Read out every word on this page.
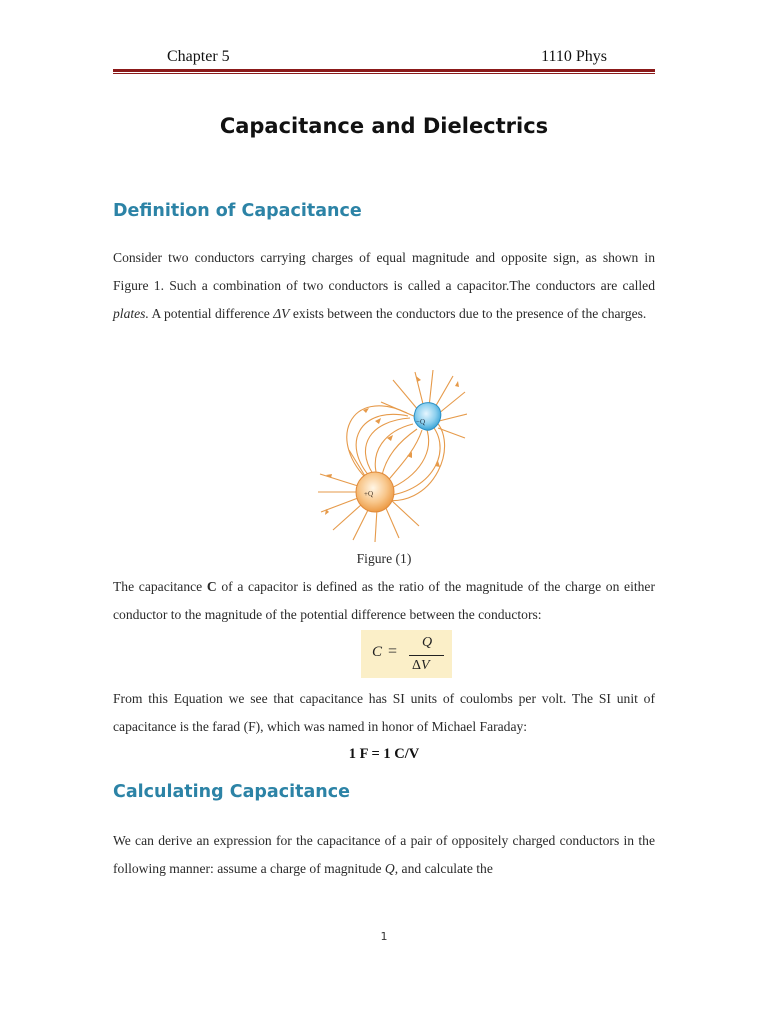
Chapter 5	1110 Phys
Capacitance and Dielectrics
Definition of Capacitance
Consider two conductors carrying charges of equal magnitude and opposite sign, as shown in Figure 1. Such a combination of two conductors is called a capacitor.The conductors are called plates. A potential difference ΔV exists between the conductors due to the presence of the charges.
−Q
+Q
Figure (1)
The capacitance C of a capacitor is defined as the ratio of the magnitude of the charge on either conductor to the magnitude of the potential difference between the conductors:
C =
Q
ΔV
From this Equation we see that capacitance has SI units of coulombs per volt. The SI unit of capacitance is the farad (F), which was named in honor of Michael Faraday:
1 F = 1 C/V
Calculating Capacitance
We can derive an expression for the capacitance of a pair of oppositely charged conductors in the following manner: assume a charge of magnitude Q, and calculate the
1
